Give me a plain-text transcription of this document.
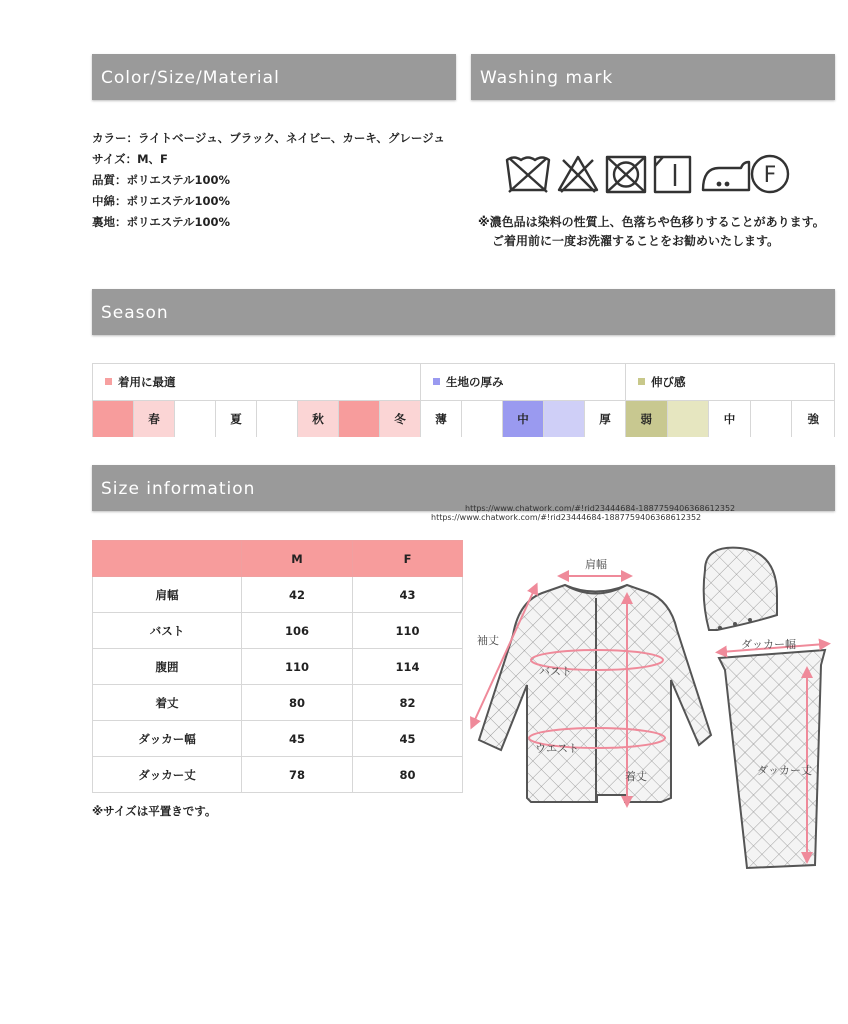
Color/Size/Material	Washing mark
カラー：ライトベージュ、ブラック、ネイビー、カーキ、グレージュ
サイズ：M、F
品質：ポリエステル100%
中綿：ポリエステル100%
裏地：ポリエステル100%
F
※濃色品は染料の性質上、色落ちや色移りすることがあります。
ご着用前に一度お洗濯することをお勧めいたします。
Season
着用に最適	生地の厚み	伸び感
春	夏	秋	冬	薄	中	厚	弱	中	強
Size information
https://www.chatwork.com/#!rid23444684-1887759406368612352
https://www.chatwork.com/#!rid23444684-1887759406368612352
	M	F
肩幅	42	43
バスト	106	110
腹囲	110	114
着丈	80	82
ダッカー幅	45	45
ダッカー丈	78	80
※サイズは平置きです。
肩幅
袖丈
バスト
ウエスト
着丈
ダッカー幅
ダッカー丈
